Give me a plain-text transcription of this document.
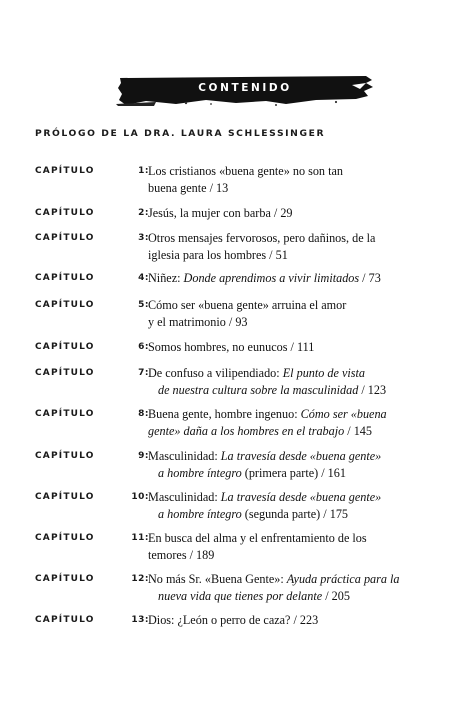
CONTENIDO
PRÓLOGO DE LA DRA. LAURA SCHLESSINGER
CAPÍTULO	1: Los cristianos «buena gente» no son tan
buena gente / 13
CAPÍTULO	2: Jesús, la mujer con barba / 29
CAPÍTULO	3: Otros mensajes fervorosos, pero dañinos, de la
iglesia para los hombres / 51
CAPÍTULO	4: Niñez: Donde aprendimos a vivir limitados / 73
CAPÍTULO	5: Cómo ser «buena gente» arruina el amor
y el matrimonio / 93
CAPÍTULO	6: Somos hombres, no eunucos / 111
CAPÍTULO	7: De confuso a vilipendiado: El punto de vista
de nuestra cultura sobre la masculinidad / 123
CAPÍTULO	8: Buena gente, hombre ingenuo: Cómo ser «buena
gente» daña a los hombres en el trabajo / 145
CAPÍTULO	9: Masculinidad: La travesía desde «buena gente»
a hombre íntegro (primera parte) / 161
CAPÍTULO	10: Masculinidad: La travesía desde «buena gente»
a hombre íntegro (segunda parte) / 175
CAPÍTULO	11: En busca del alma y el enfrentamiento de los
temores / 189
CAPÍTULO	12: No más Sr. «Buena Gente»: Ayuda práctica para la
nueva vida que tienes por delante / 205
CAPÍTULO	13: Dios: ¿León o perro de caza? / 223
